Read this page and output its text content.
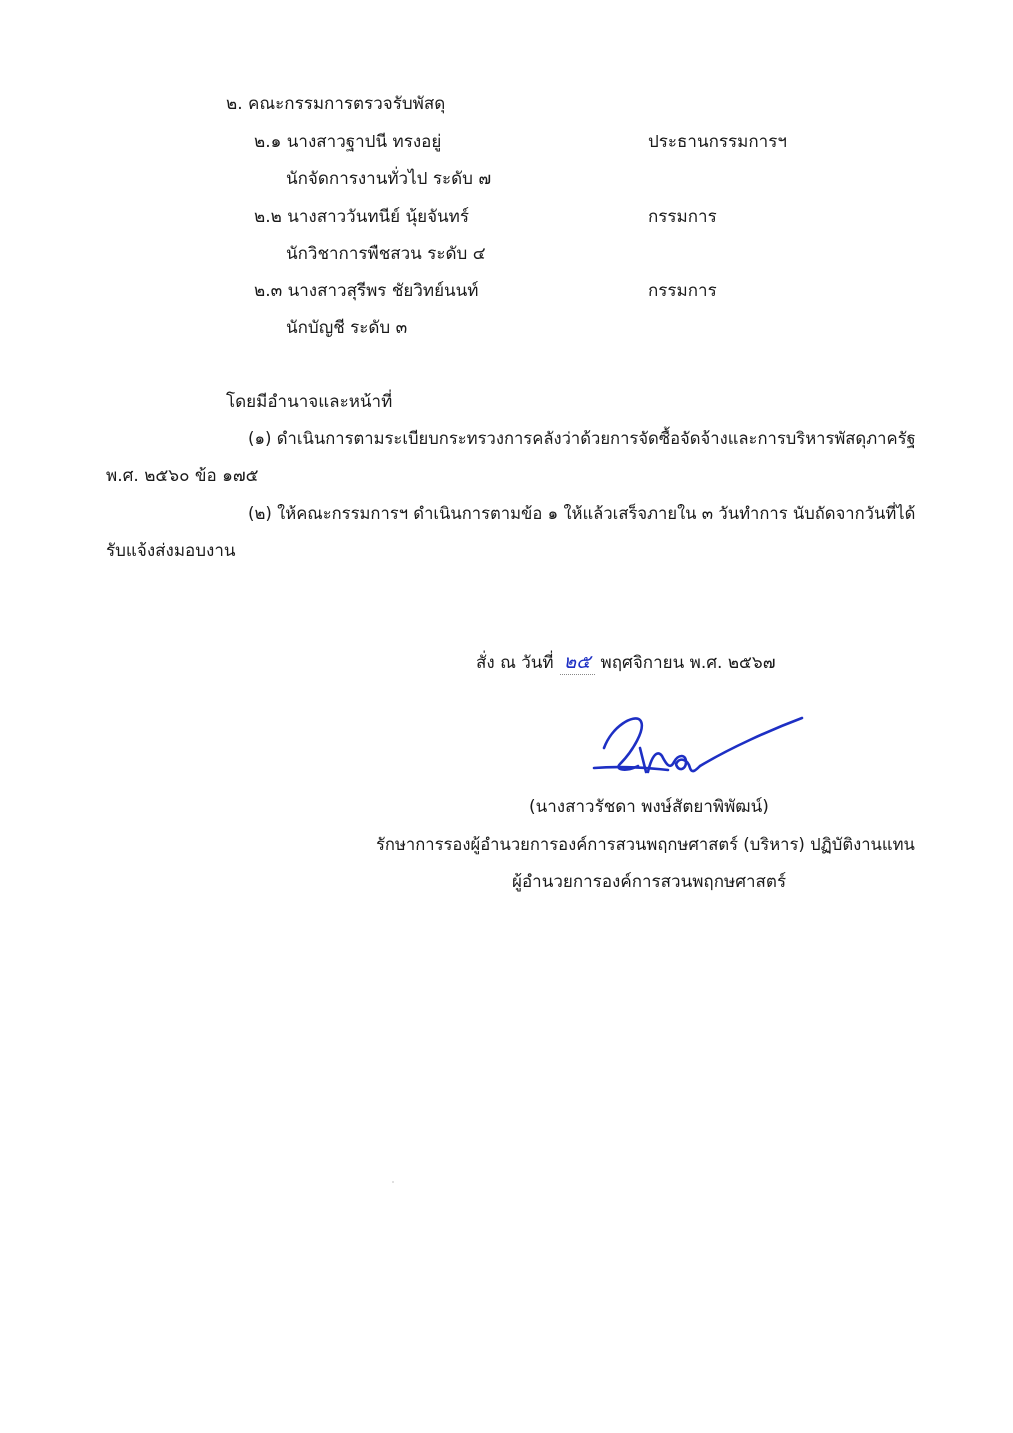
๒. คณะกรรมการตรวจรับพัสดุ
๒.๑ นางสาวฐาปนี ทรงอยู่	ประธานกรรมการฯ
นักจัดการงานทั่วไป ระดับ ๗
๒.๒ นางสาววันทนีย์ นุ้ยจันทร์	กรรมการ
นักวิชาการพืชสวน ระดับ ๔
๒.๓ นางสาวสุรีพร ชัยวิทย์นนท์	กรรมการ
นักบัญชี ระดับ ๓
โดยมีอำนาจและหน้าที่
(๑) ดำเนินการตามระเบียบกระทรวงการคลังว่าด้วยการจัดซื้อจัดจ้างและการบริหารพัสดุภาครัฐ
พ.ศ. ๒๕๖๐ ข้อ ๑๗๕
(๒) ให้คณะกรรมการฯ ดำเนินการตามข้อ ๑ ให้แล้วเสร็จภายใน ๓ วันทำการ นับถัดจากวันที่ได้
รับแจ้งส่งมอบงาน
สั่ง ณ วันที่ ๒๕ พฤศจิกายน พ.ศ. ๒๕๖๗
(นางสาวรัชดา พงษ์สัตยาพิพัฒน์)
รักษาการรองผู้อำนวยการองค์การสวนพฤกษศาสตร์ (บริหาร) ปฏิบัติงานแทน
ผู้อำนวยการองค์การสวนพฤกษศาสตร์
